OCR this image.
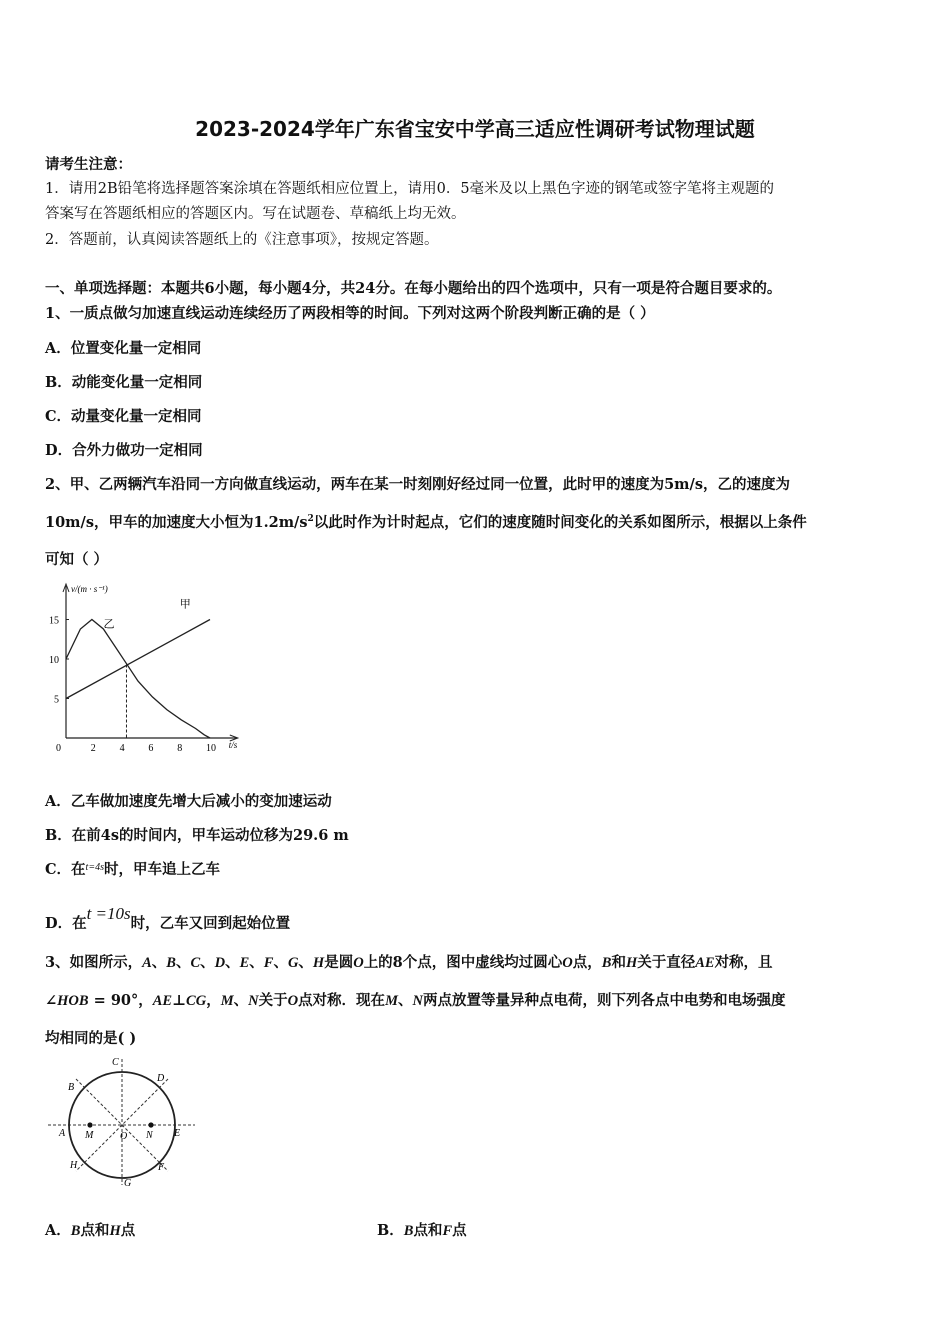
2023-2024学年广东省宝安中学高三适应性调研考试物理试题
请考生注意：
1．请用2B铅笔将选择题答案涂填在答题纸相应位置上，请用0．5毫米及以上黑色字迹的钢笔或签字笔将主观题的
答案写在答题纸相应的答题区内。写在试题卷、草稿纸上均无效。
2．答题前，认真阅读答题纸上的《注意事项》，按规定答题。
一、单项选择题：本题共6小题，每小题4分，共24分。在每小题给出的四个选项中，只有一项是符合题目要求的。
1、一质点做匀加速直线运动连续经历了两段相等的时间。下列对这两个阶段判断正确的是（ ）
A．位置变化量一定相同
B．动能变化量一定相同
C．动量变化量一定相同
D．合外力做功一定相同
2、甲、乙两辆汽车沿同一方向做直线运动，两车在某一时刻刚好经过同一位置，此时甲的速度为5m/s，乙的速度为
10m/s，甲车的加速度大小恒为$1.2m/s^2$以此时作为计时起点，它们的速度随时间变化的关系如图所示，根据以上条件
可知（ ）
v/(m · s⁻¹)
t/s
0	2 4 6 8 10
5
10
15
甲
乙
A．乙车做加速度先增大后减小的变加速运动
B．在前4s的时间内，甲车运动位移为29.6 m
C．在$^{t=4s}$时，甲车追上乙车
D．在t =10s时，乙车又回到起始位置
3、如图所示，A、B、C、D、E、F、G、H是圆O上的8个点，图中虚线均过圆心O点，B和H关于直径AE对称，且
∠HOB = 90°，AE⊥CG，M、N关于O点对称．现在M、N两点放置等量异种点电荷，则下列各点中电势和电场强度
均相同的是( )
C
B
D
A	E
M	N
O
H	F
G
A．B点和H点	B．B点和F点
